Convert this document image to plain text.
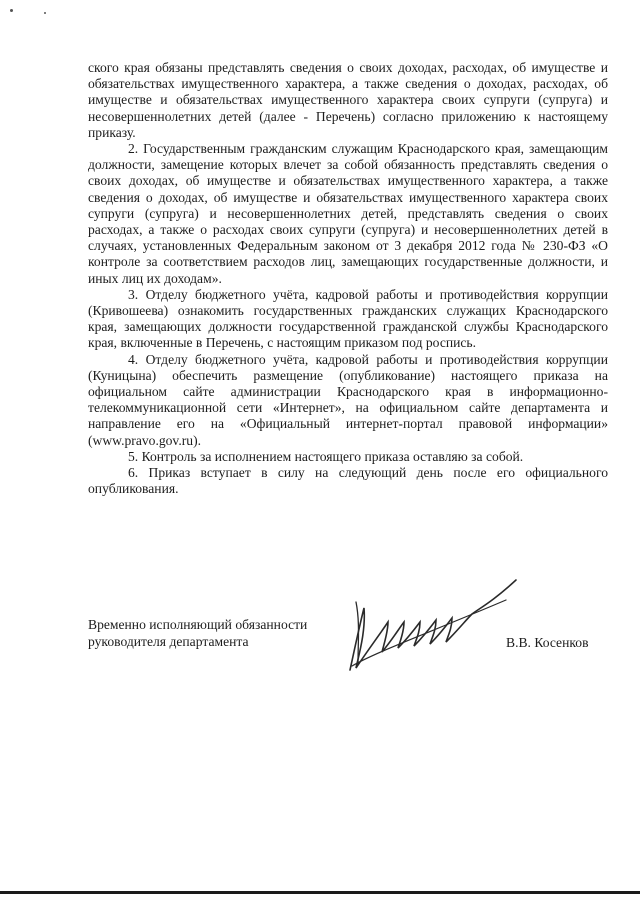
ского края обязаны представлять сведения о своих доходах, расходах, об имуществе и обязательствах имущественного характера, а также сведения о доходах, расходах, об имуществе и обязательствах имущественного характера своих супруги (супруга) и несовершеннолетних детей (далее - Перечень) согласно приложению к настоящему приказу.

2. Государственным гражданским служащим Краснодарского края, замещающим должности, замещение которых влечет за собой обязанность представлять сведения о своих доходах, об имуществе и обязательствах имущественного характера, а также сведения о доходах, об имуществе и обязательствах имущественного характера своих супруги (супруга) и несовершеннолетних детей, представлять сведения о своих расходах, а также о расходах своих супруги (супруга) и несовершеннолетних детей в случаях, установленных Федеральным законом от 3 декабря 2012 года № 230-ФЗ «О контроле за соответствием расходов лиц, замещающих государственные должности, и иных лиц их доходам».

3. Отделу бюджетного учёта, кадровой работы и противодействия коррупции (Кривошеева) ознакомить государственных гражданских служащих Краснодарского края, замещающих должности государственной гражданской службы Краснодарского края, включенные в Перечень, с настоящим приказом под роспись.

4. Отделу бюджетного учёта, кадровой работы и противодействия коррупции (Куницына) обеспечить размещение (опубликование) настоящего приказа на официальном сайте администрации Краснодарского края в информационно-телекоммуникационной сети «Интернет», на официальном сайте департамента и направление его на «Официальный интернет-портал правовой информации» (www.pravo.gov.ru).

5. Контроль за исполнением настоящего приказа оставляю за собой.

6. Приказ вступает в силу на следующий день после его официального опубликования.

Временно исполняющий обязанности
руководителя департамента	В.В. Косенков
